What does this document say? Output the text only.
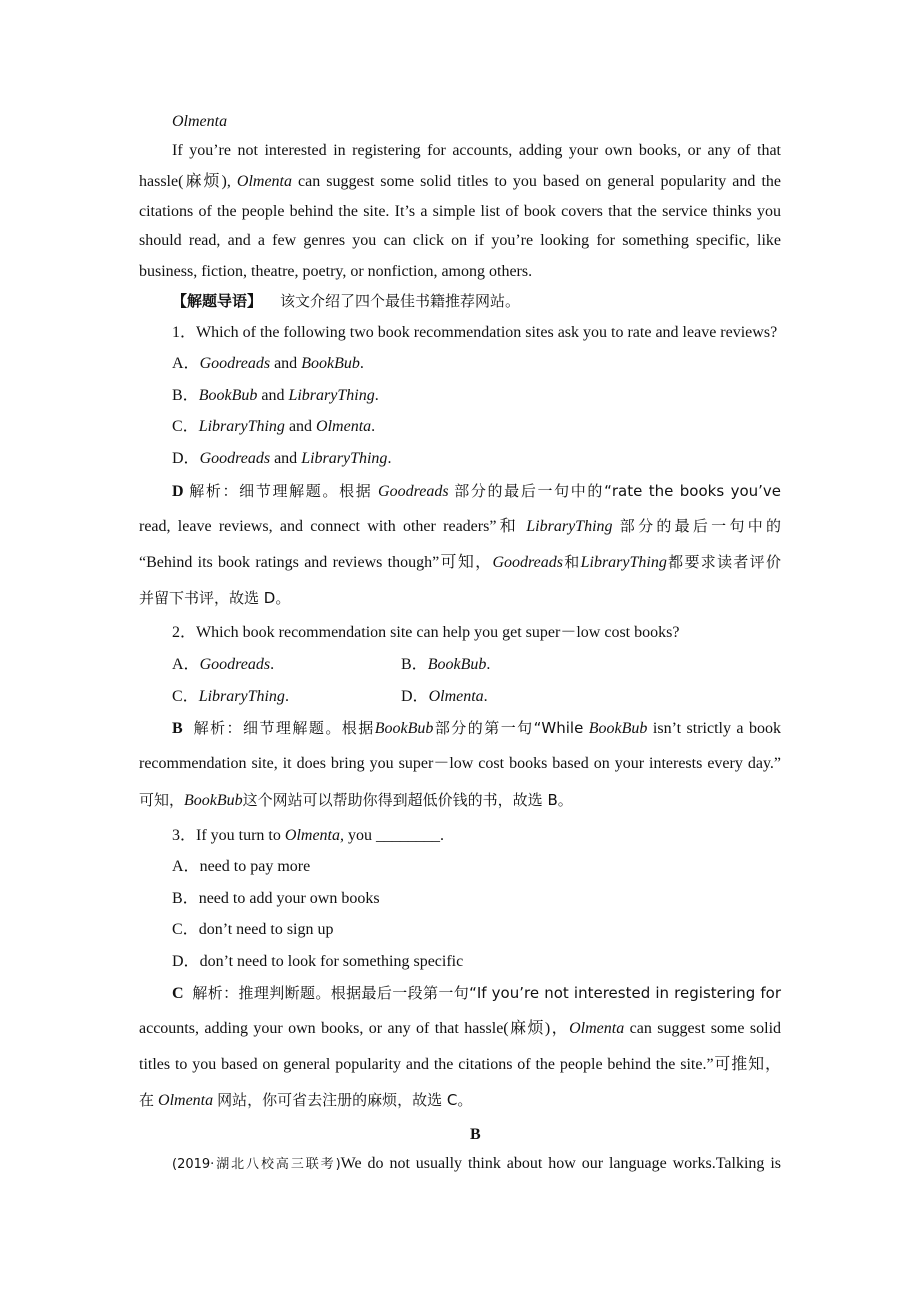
Olmenta
If you’re not interested in registering for accounts, adding your own books, or any of that
hassle(麻烦), Olmenta can suggest some solid titles to you based on general popularity and the
citations of the people behind the site. It’s a simple list of book covers that the service thinks you
should read, and a few genres you can click on if you’re looking for something specific, like
business, fiction, theatre, poetry, or nonfiction, among others.
【解题导语】 该文介绍了四个最佳书籍推荐网站。
1．Which of the following two book recommendation sites ask you to rate and leave reviews?
A．Goodreads and BookBub.
B．BookBub and LibraryThing.
C．LibraryThing and Olmenta.
D．Goodreads and LibraryThing.
D 解析：细节理解题。根据 Goodreads 部分的最后一句中的“rate the books you’ve
read, leave reviews, and connect with other readers”和 LibraryThing 部分的最后一句中的
“Behind its book ratings and reviews though”可知，Goodreads和LibraryThing都要求读者评价
并留下书评，故选 D。
2．Which book recommendation site can help you get super－low cost books?
A．Goodreads.	B．BookBub.
C．LibraryThing.	D．Olmenta.
B 解析：细节理解题。根据BookBub部分的第一句“While BookBub isn’t strictly a book
recommendation site, it does bring you super－low cost books based on your interests every day.”
可知，BookBub这个网站可以帮助你得到超低价钱的书，故选 B。
3．If you turn to Olmenta, you ________.
A．need to pay more
B．need to add your own books
C．don’t need to sign up
D．don’t need to look for something specific
C 解析：推理判断题。根据最后一段第一句“If you’re not interested in registering for
accounts, adding your own books, or any of that hassle(麻烦)，Olmenta can suggest some solid
titles to you based on general popularity and the citations of the people behind the site.”可推知，
在 Olmenta 网站，你可省去注册的麻烦，故选 C。
B
(2019·湖北八校高三联考)We do not usually think about how our language works.Talking is
